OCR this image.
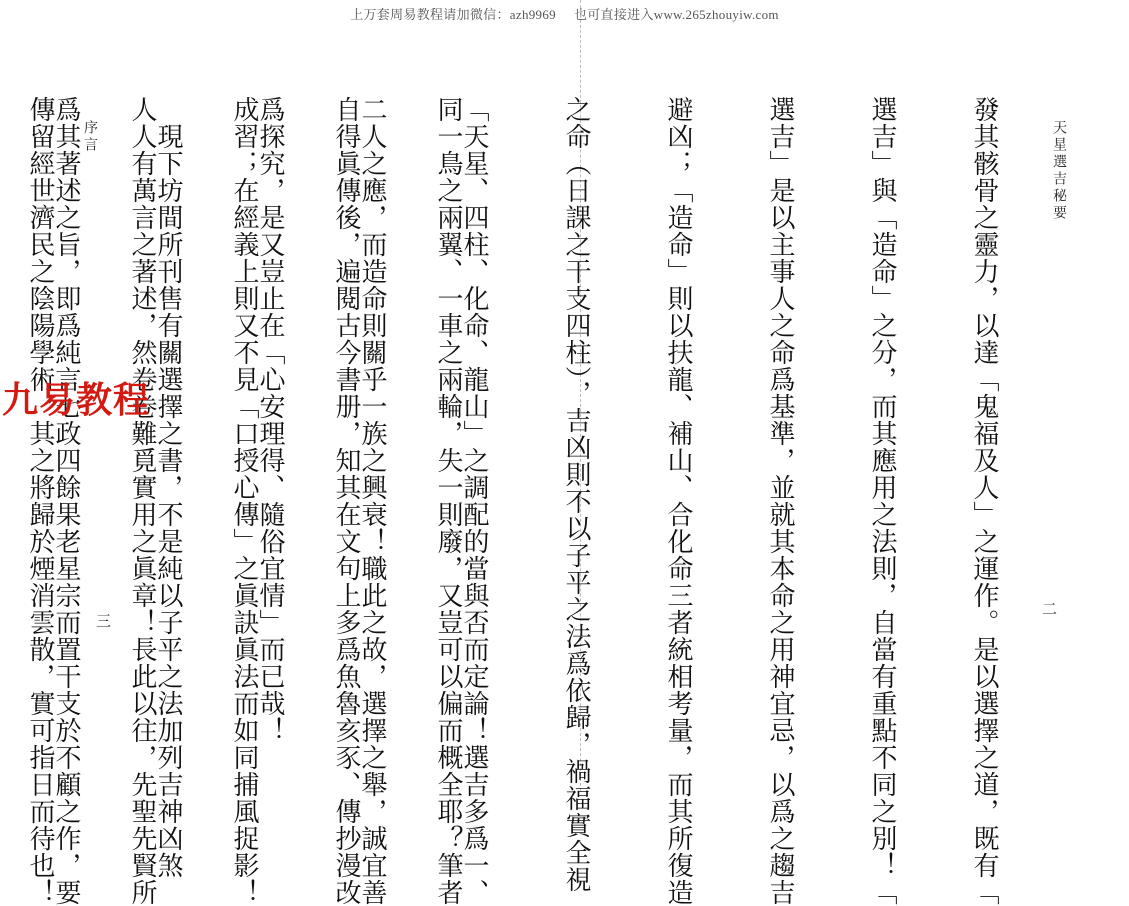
上万套周易教程请加微信：azh9969 也可直接进入www.265zhouyiw.com
序言

	同一鳥之兩翼、一車之兩輪，失一則廢，又豈可以偏而概全耶？筆者

自得眞傳後，遍閱古今書册，知其在文句上多爲魚魯亥豕、傳抄漫改

成習；在經義上則又不見「口授心傳」之眞訣眞法而如同捕風捉影！

人人有萬言之著述，然卷卷難覓實用之眞章！長此以往，先聖先賢所

傳留經世濟民之陰陽學術，其之將歸於煙消雲散，實可指日而待也！

	三
天星選吉秘要

發其骸骨之靈力，以達「鬼福及人」之運作。是以選擇之道，既有「

選吉」與「造命」之分，而其應用之法則，自當有重點不同之別！「

選吉」是以主事人之命爲基準，並就其本命之用神宜忌，以爲之趨吉

避凶；「造命」則以扶龍、補山、合化命三者統相考量，而其所復造

之命（日課之干支四柱），吉凶則不以子平之法爲依歸，禍福實全視

「天星、四柱、化命、龍山」之調配的當與否而定論！選吉多爲一、

二人之應，而造命則關乎一族之興衰！職此之故，選擇之舉，誠宜善

爲探究，是又豈止在「心安理得、隨俗宜情」而已哉！

　現下坊間所刊售有關選擇之書，不是純以子平之法加列吉神凶煞

爲其著述之旨，即爲純言七政四餘果老星宗而置干支於不顧之作，要

	二
九易教程
